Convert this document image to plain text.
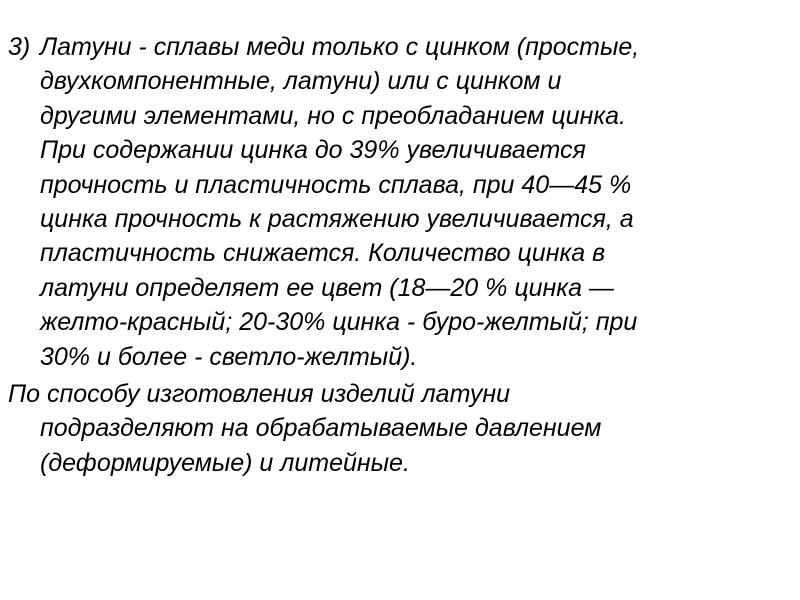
3) Латуни - сплавы меди только с цинком (простые,
двухкомпонентные, латуни) или с цинком и
другими элементами, но с преобладанием цинка.
При содержании цинка до 39% увеличивается
прочность и пластичность сплава, при 40—45 %
цинка прочность к растяжению увеличивается, а
пластичность снижается. Количество цинка в
латуни определяет ее цвет (18—20 % цинка —
желто-красный; 20-30% цинка - буро-желтый; при
30% и более - светло-желтый).
По способу изготовления изделий латуни
подразделяют на обрабатываемые давлением
(деформируемые) и литейные.
